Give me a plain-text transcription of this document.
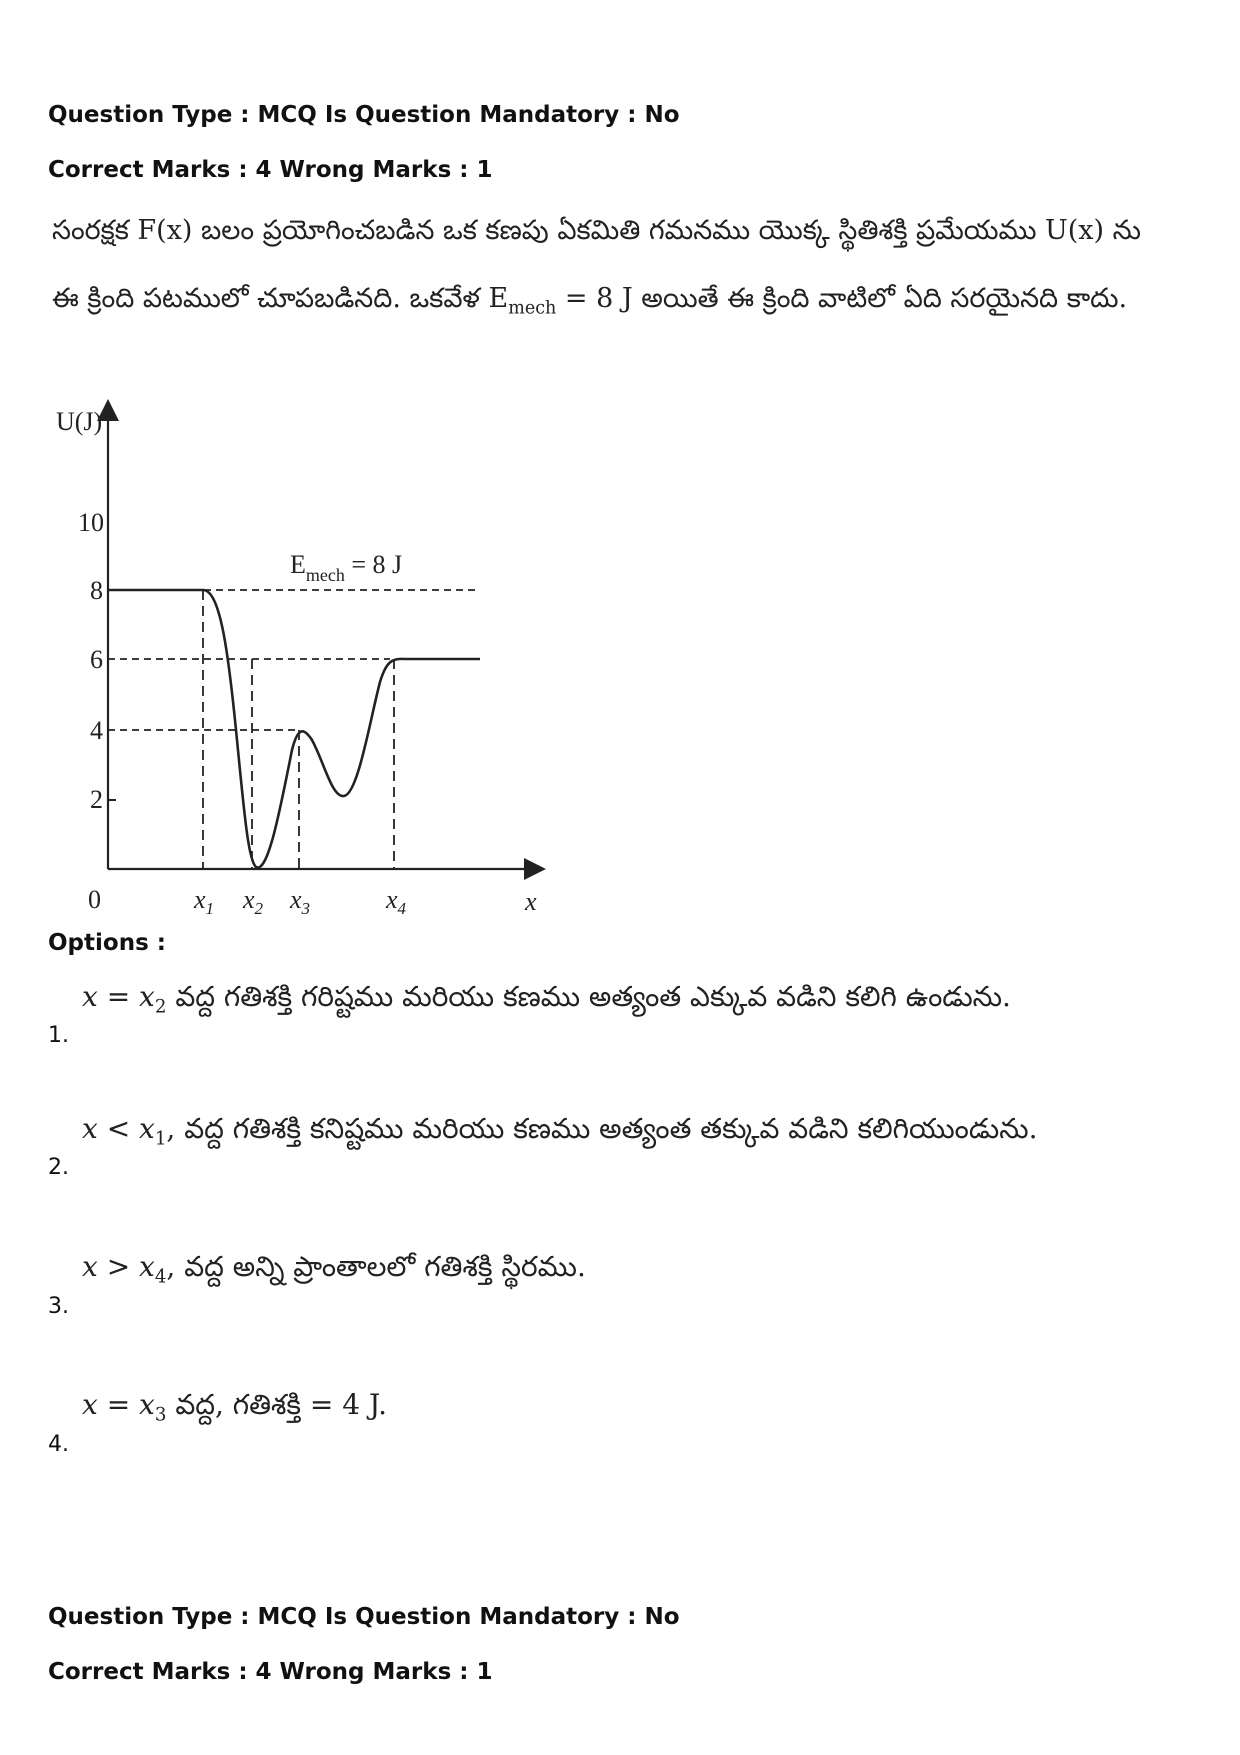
Question Type : MCQ Is Question Mandatory : No
Correct Marks : 4 Wrong Marks : 1
సంరక్షక F(x) బలం ప్రయోగించబడిన ఒక కణపు ఏకమితి గమనము యొక్క స్థితిశక్తి ప్రమేయము U(x) ను
ఈ క్రింది పటములో చూపబడినది. ఒకవేళ $E_{mech} = 8$ J అయితే ఈ క్రింది వాటిలో ఏది సరయైనది కాదు.
U(J)
x
0
10
8
6
4
2
$x_1$ $x_2$ $x_3$	$x_4$
$E_{mech} = 8$ J
Options :
$x = x_2$ వద్ద గతిశక్తి గరిష్టము మరియు కణము అత్యంత ఎక్కువ వడిని కలిగి ఉండును.
1.
$x < x_1$, వద్ద గతిశక్తి కనిష్టము మరియు కణము అత్యంత తక్కువ వడిని కలిగియుండును.
2.
$x > x_4$, వద్ద అన్ని ప్రాంతాలలో గతిశక్తి స్థిరము.
3.
$x = x_3$ వద్ద, గతిశక్తి = 4 J.
4.
Question Type : MCQ Is Question Mandatory : No
Correct Marks : 4 Wrong Marks : 1
